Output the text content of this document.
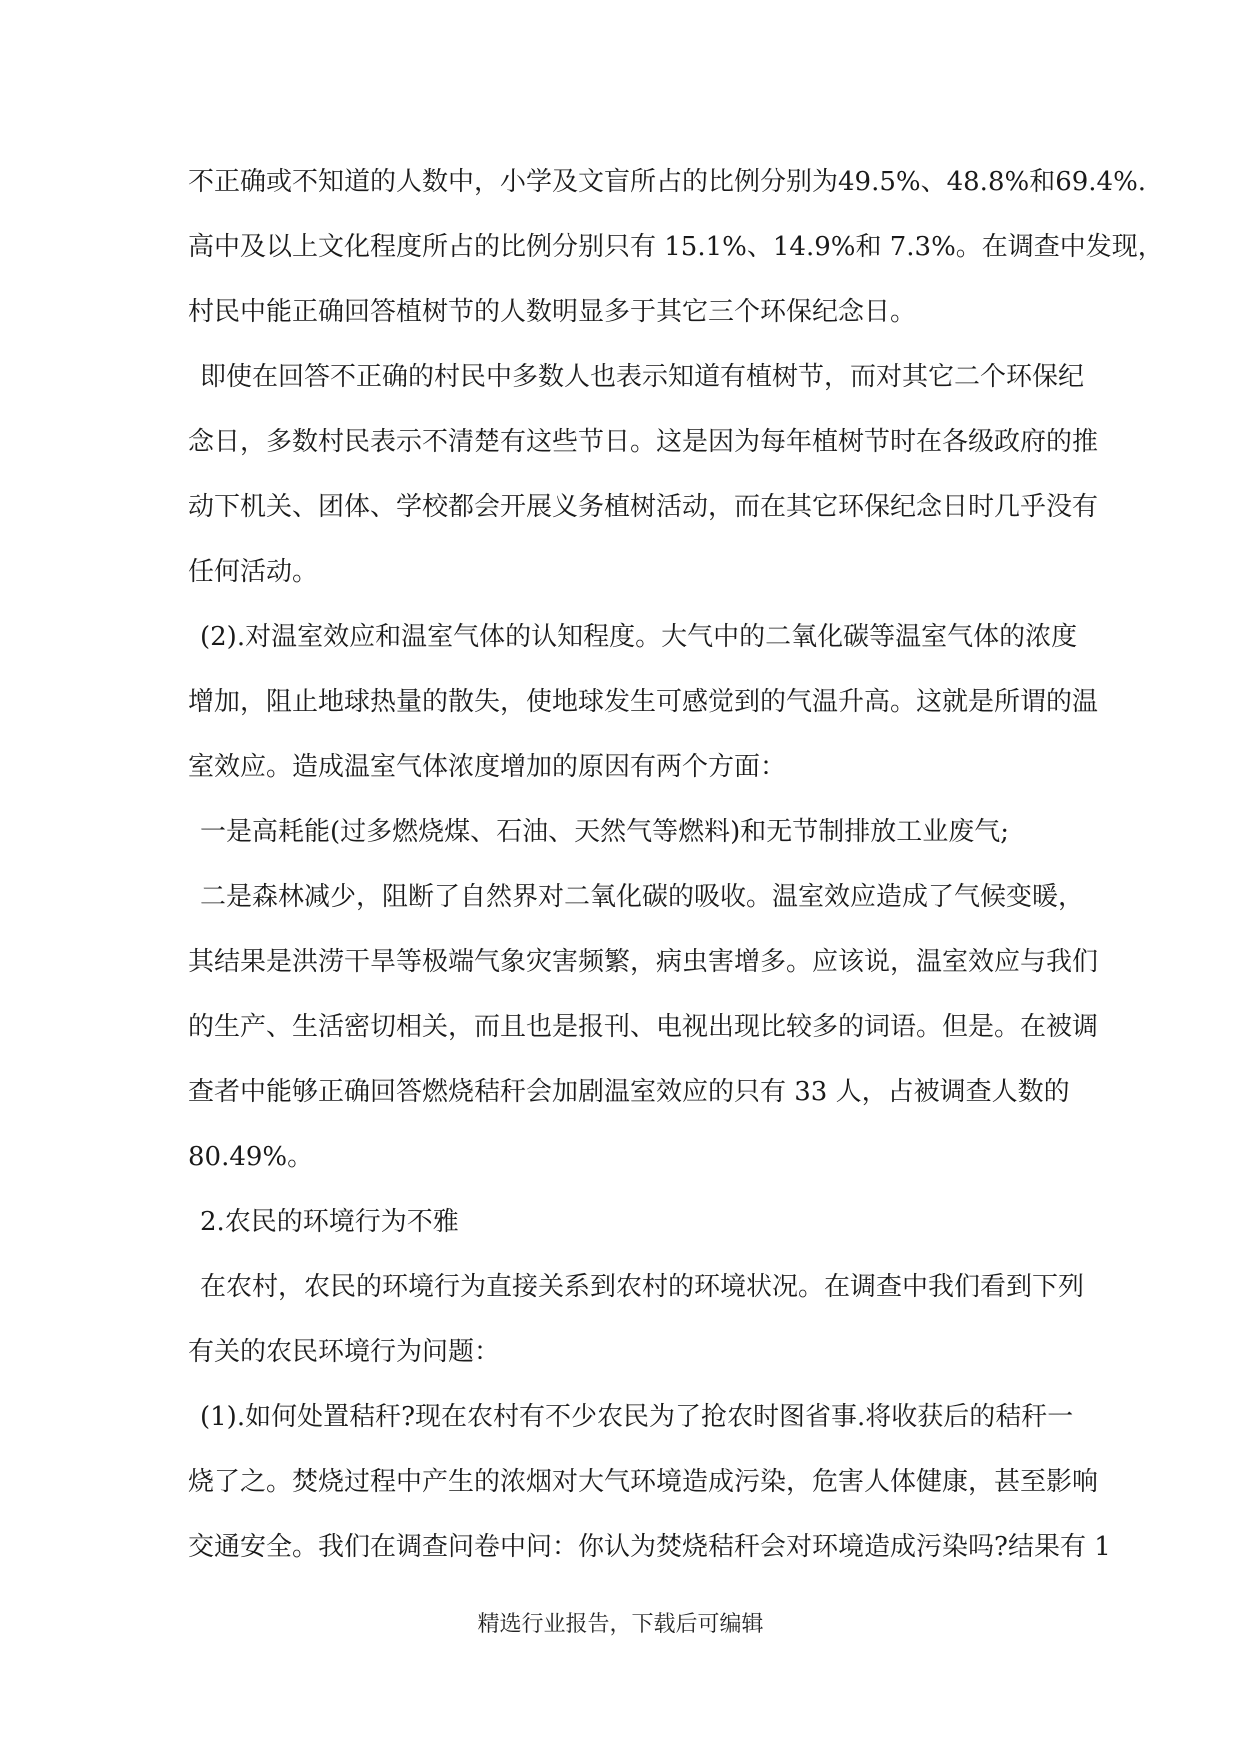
不正确或不知道的人数中，小学及文盲所占的比例分别为49.5%、48.8%和69.4%.
高中及以上文化程度所占的比例分别只有 15.1%、14.9%和 7.3%。在调查中发现，
村民中能正确回答植树节的人数明显多于其它三个环保纪念日。
即使在回答不正确的村民中多数人也表示知道有植树节，而对其它二个环保纪
念日，多数村民表示不清楚有这些节日。这是因为每年植树节时在各级政府的推
动下机关、团体、学校都会开展义务植树活动，而在其它环保纪念日时几乎没有
任何活动。
(2).对温室效应和温室气体的认知程度。大气中的二氧化碳等温室气体的浓度
增加，阻止地球热量的散失，使地球发生可感觉到的气温升高。这就是所谓的温
室效应。造成温室气体浓度增加的原因有两个方面：
一是高耗能(过多燃烧煤、石油、天然气等燃料)和无节制排放工业废气;
二是森林减少，阻断了自然界对二氧化碳的吸收。温室效应造成了气候变暖，
其结果是洪涝干旱等极端气象灾害频繁，病虫害增多。应该说，温室效应与我们
的生产、生活密切相关，而且也是报刊、电视出现比较多的词语。但是。在被调
查者中能够正确回答燃烧秸秆会加剧温室效应的只有 33 人，占被调查人数的
80.49%。
2.农民的环境行为不雅
在农村，农民的环境行为直接关系到农村的环境状况。在调查中我们看到下列
有关的农民环境行为问题：
(1).如何处置秸秆?现在农村有不少农民为了抢农时图省事.将收获后的秸秆一
烧了之。焚烧过程中产生的浓烟对大气环境造成污染，危害人体健康，甚至影响
交通安全。我们在调查问卷中问：你认为焚烧秸秆会对环境造成污染吗?结果有 1
精选行业报告，下载后可编辑
